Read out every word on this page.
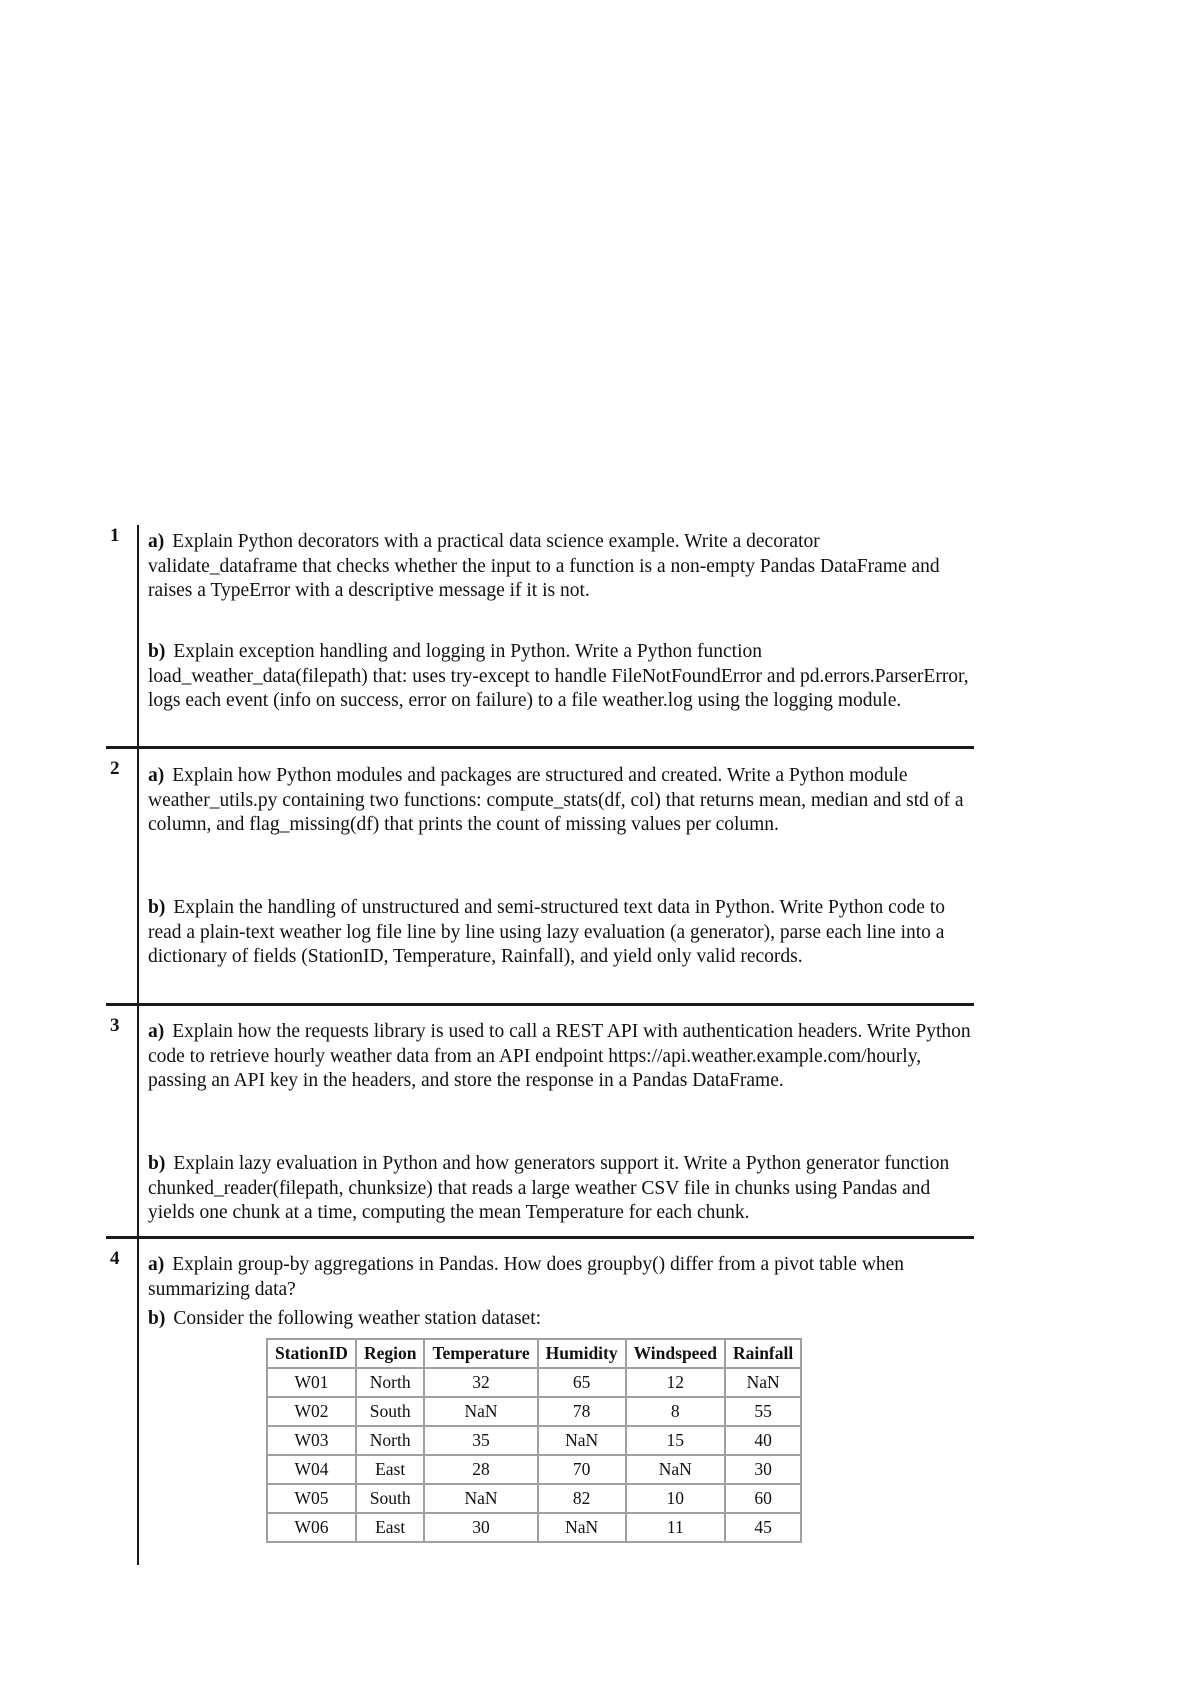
1 a) Explain Python decorators with a practical data science example. Write a decorator validate_dataframe that checks whether the input to a function is a non-empty Pandas DataFrame and raises a TypeError with a descriptive message if it is not.
b) Explain exception handling and logging in Python. Write a Python function load_weather_data(filepath) that: uses try-except to handle FileNotFoundError and pd.errors.ParserError, logs each event (info on success, error on failure) to a file weather.log using the logging module.
2 a) Explain how Python modules and packages are structured and created. Write a Python module weather_utils.py containing two functions: compute_stats(df, col) that returns mean, median and std of a column, and flag_missing(df) that prints the count of missing values per column.
b) Explain the handling of unstructured and semi-structured text data in Python. Write Python code to read a plain-text weather log file line by line using lazy evaluation (a generator), parse each line into a dictionary of fields (StationID, Temperature, Rainfall), and yield only valid records.
3 a) Explain how the requests library is used to call a REST API with authentication headers. Write Python code to retrieve hourly weather data from an API endpoint https://api.weather.example.com/hourly, passing an API key in the headers, and store the response in a Pandas DataFrame.
b) Explain lazy evaluation in Python and how generators support it. Write a Python generator function chunked_reader(filepath, chunksize) that reads a large weather CSV file in chunks using Pandas and yields one chunk at a time, computing the mean Temperature for each chunk.
4 a) Explain group-by aggregations in Pandas. How does groupby() differ from a pivot table when summarizing data?
b) Consider the following weather station dataset:
StationID	Region	Temperature	Humidity	Windspeed	Rainfall
W01	North	32	65	12	NaN
W02	South	NaN	78	8	55
W03	North	35	NaN	15	40
W04	East	28	70	NaN	30
W05	South	NaN	82	10	60
W06	East	30	NaN	11	45
